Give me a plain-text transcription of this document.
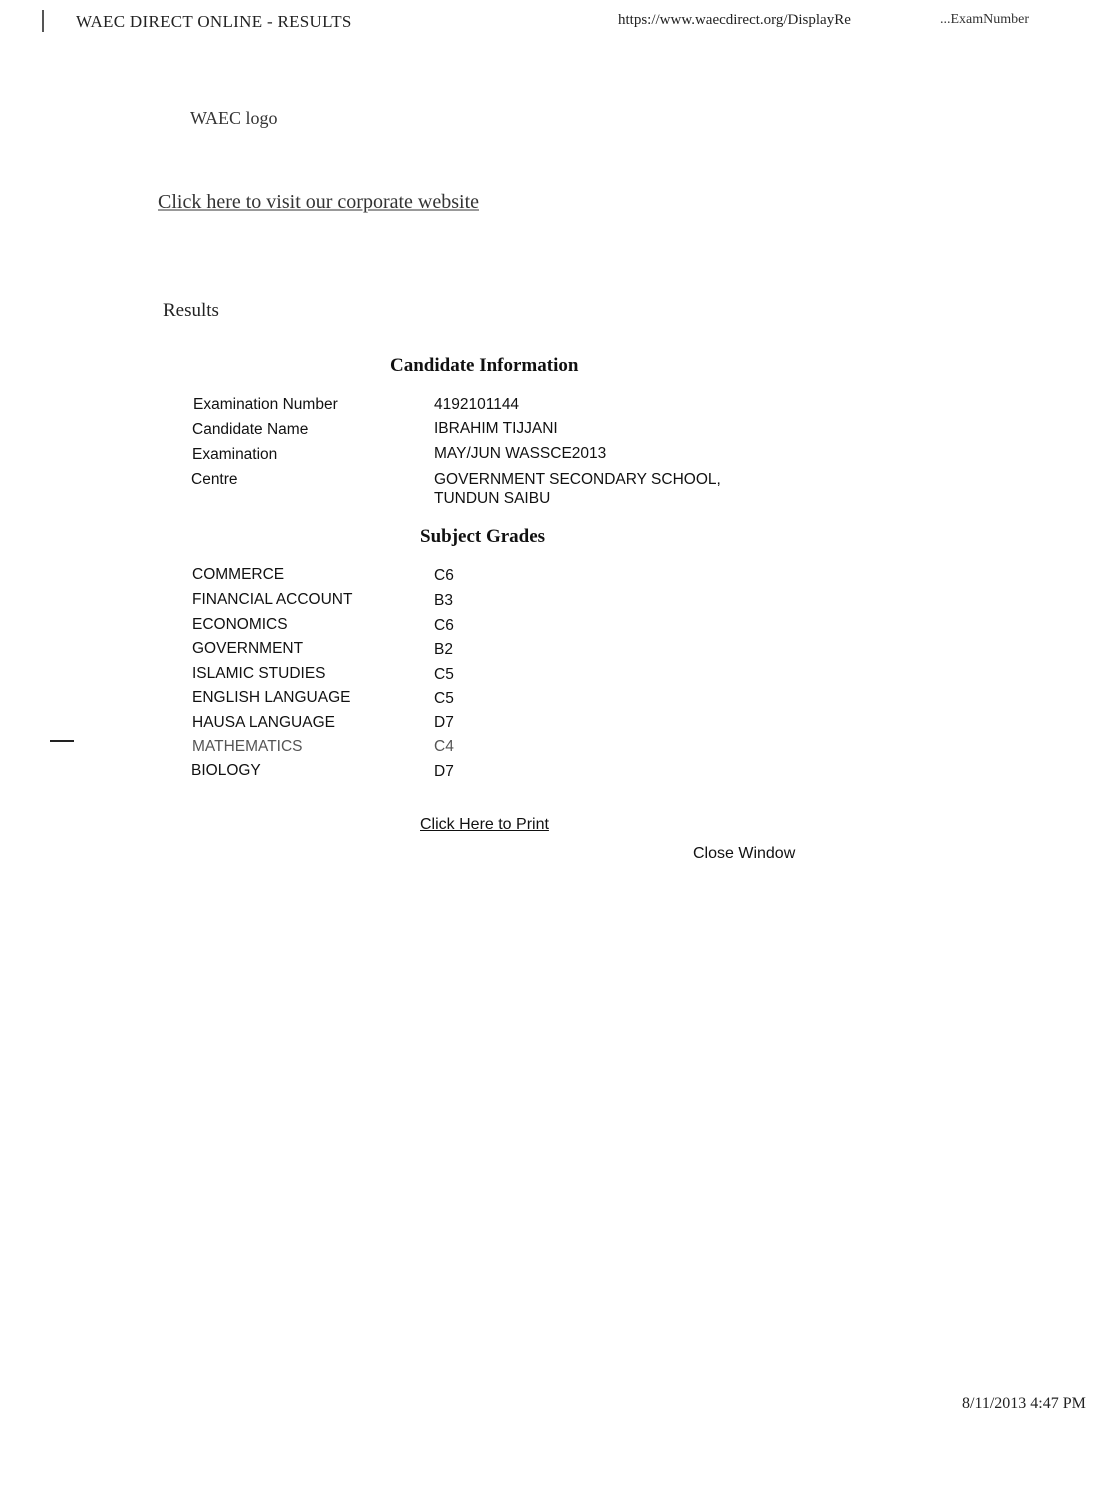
WAEC DIRECT ONLINE - RESULTS	https://www.waecdirect.org/DisplayRe	...ExamNumber
WAEC logo
Click here to visit our corporate website
Results
Candidate Information
Examination Number	4192101144
Candidate Name	IBRAHIM TIJJANI
Examination	MAY/JUN WASSCE2013
Centre	GOVERNMENT SECONDARY SCHOOL,
TUNDUN SAIBU
Subject Grades
COMMERCE	C6
FINANCIAL ACCOUNT	B3
ECONOMICS	C6
GOVERNMENT	B2
ISLAMIC STUDIES	C5
ENGLISH LANGUAGE	C5
HAUSA LANGUAGE	D7
MATHEMATICS	C4
BIOLOGY	D7
Click Here to Print
Close Window
8/11/2013 4:47 PM
